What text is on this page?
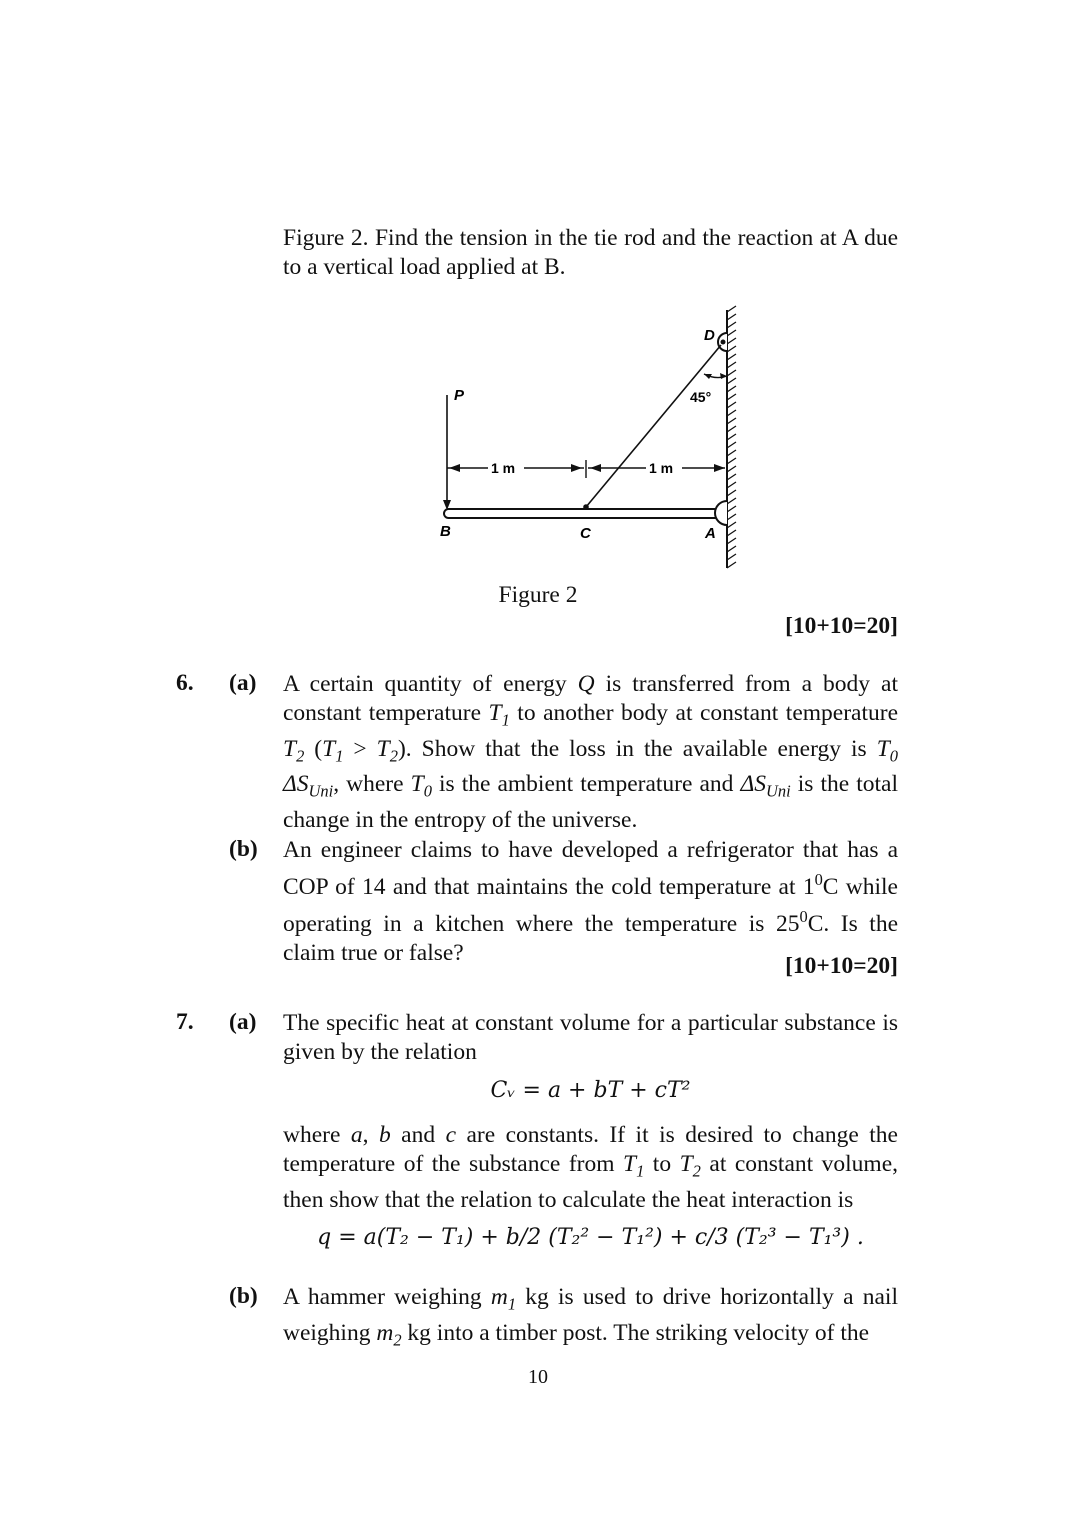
Figure 2. Find the tension in the tie rod and the reaction at A due to a vertical load applied at B.
P
B	C	A
D
45°
1 m	1 m
Figure 2
[10+10=20]
6. (a) A certain quantity of energy Q is transferred from a body at constant temperature $T_1$ to another body at constant temperature $T_2$ $(T_1 > T_2)$. Show that the loss in the available energy is $T_0$ $\Delta S_{Uni}$, where $T_0$ is the ambient temperature and $\Delta S_{Uni}$ is the total change in the entropy of the universe.
(b) An engineer claims to have developed a refrigerator that has a COP of 14 and that maintains the cold temperature at $1^0C$ while operating in a kitchen where the temperature is $25^0C$. Is the claim true or false?
[10+10=20]
7. (a) The specific heat at constant volume for a particular substance is given by the relation
Cᵥ = a + bT + cT²
where a, b and c are constants. If it is desired to change the temperature of the substance from $T_1$ to $T_2$ at constant volume, then show that the relation to calculate the heat interaction is
q = a(T₂ − T₁) + b/2 (T₂² − T₁²) + c/3 (T₂³ − T₁³) .
(b) A hammer weighing $m_1$ kg is used to drive horizontally a nail weighing $m_2$ kg into a timber post. The striking velocity of the
10
